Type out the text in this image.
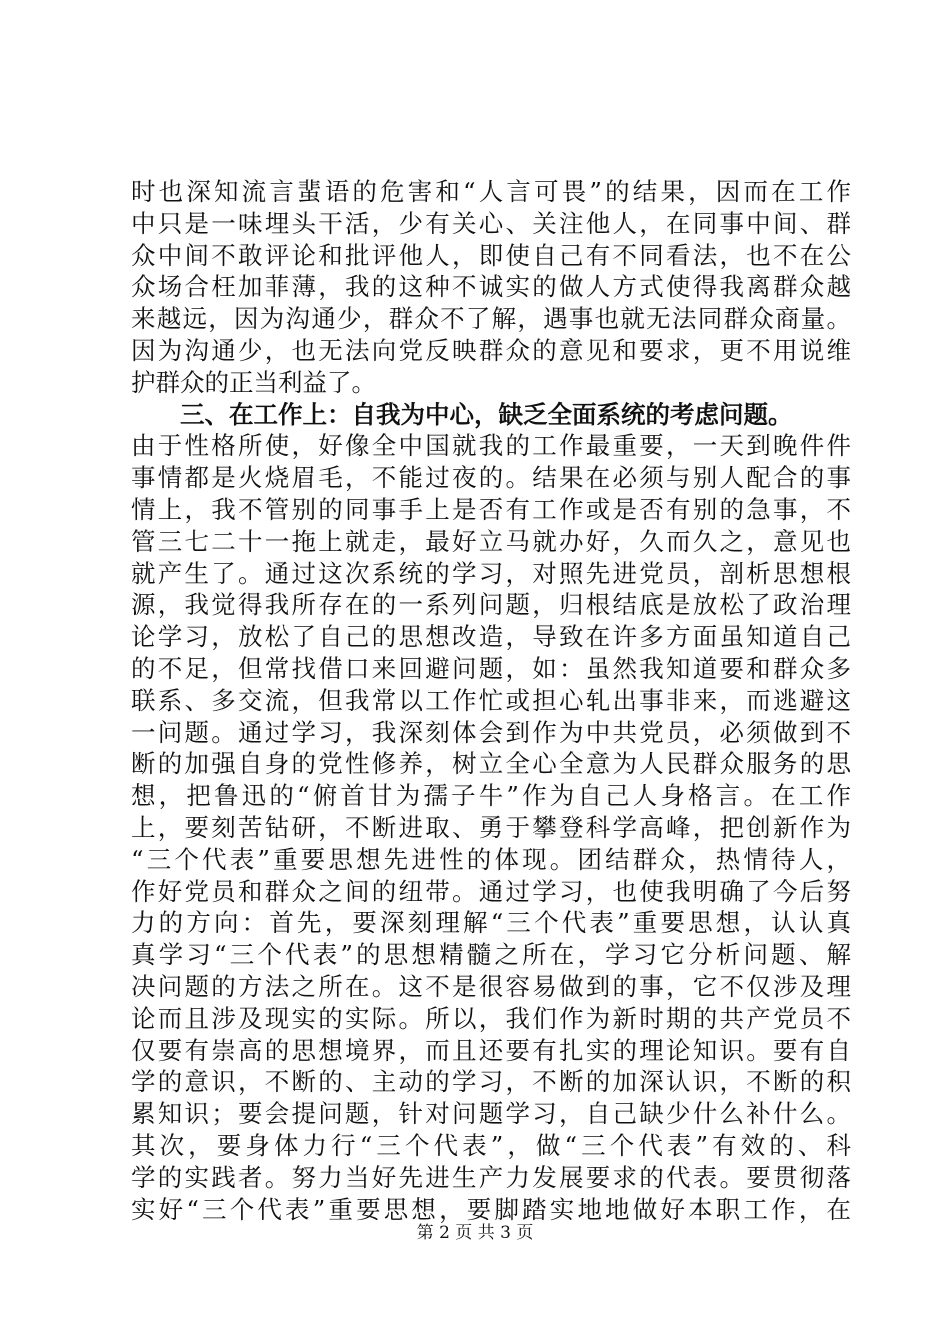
时也深知流言蜚语的危害和“人言可畏”的结果，因而在工作
中只是一味埋头干活，少有关心、关注他人，在同事中间、群
众中间不敢评论和批评他人，即使自己有不同看法，也不在公
众场合枉加菲薄，我的这种不诚实的做人方式使得我离群众越
来越远，因为沟通少，群众不了解，遇事也就无法同群众商量。
因为沟通少，也无法向党反映群众的意见和要求，更不用说维
护群众的正当利益了。
三、在工作上：自我为中心，缺乏全面系统的考虑问题。
由于性格所使，好像全中国就我的工作最重要，一天到晚件件
事情都是火烧眉毛，不能过夜的。结果在必须与别人配合的事
情上，我不管别的同事手上是否有工作或是否有别的急事，不
管三七二十一拖上就走，最好立马就办好，久而久之，意见也
就产生了。通过这次系统的学习，对照先进党员，剖析思想根
源，我觉得我所存在的一系列问题，归根结底是放松了政治理
论学习，放松了自己的思想改造，导致在许多方面虽知道自己
的不足，但常找借口来回避问题，如：虽然我知道要和群众多
联系、多交流，但我常以工作忙或担心轧出事非来，而逃避这
一问题。通过学习，我深刻体会到作为中共党员，必须做到不
断的加强自身的党性修养，树立全心全意为人民群众服务的思
想，把鲁迅的“俯首甘为孺子牛”作为自己人身格言。在工作
上，要刻苦钻研，不断进取、勇于攀登科学高峰，把创新作为
“三个代表”重要思想先进性的体现。团结群众，热情待人，
作好党员和群众之间的纽带。通过学习，也使我明确了今后努
力的方向：首先，要深刻理解“三个代表”重要思想，认认真
真学习“三个代表”的思想精髓之所在，学习它分析问题、解
决问题的方法之所在。这不是很容易做到的事，它不仅涉及理
论而且涉及现实的实际。所以，我们作为新时期的共产党员不
仅要有崇高的思想境界，而且还要有扎实的理论知识。要有自
学的意识，不断的、主动的学习，不断的加深认识，不断的积
累知识；要会提问题，针对问题学习，自己缺少什么补什么。
其次，要身体力行“三个代表”，做“三个代表”有效的、科
学的实践者。努力当好先进生产力发展要求的代表。要贯彻落
实好“三个代表”重要思想，要脚踏实地地做好本职工作，在
第 2 页 共 3 页
